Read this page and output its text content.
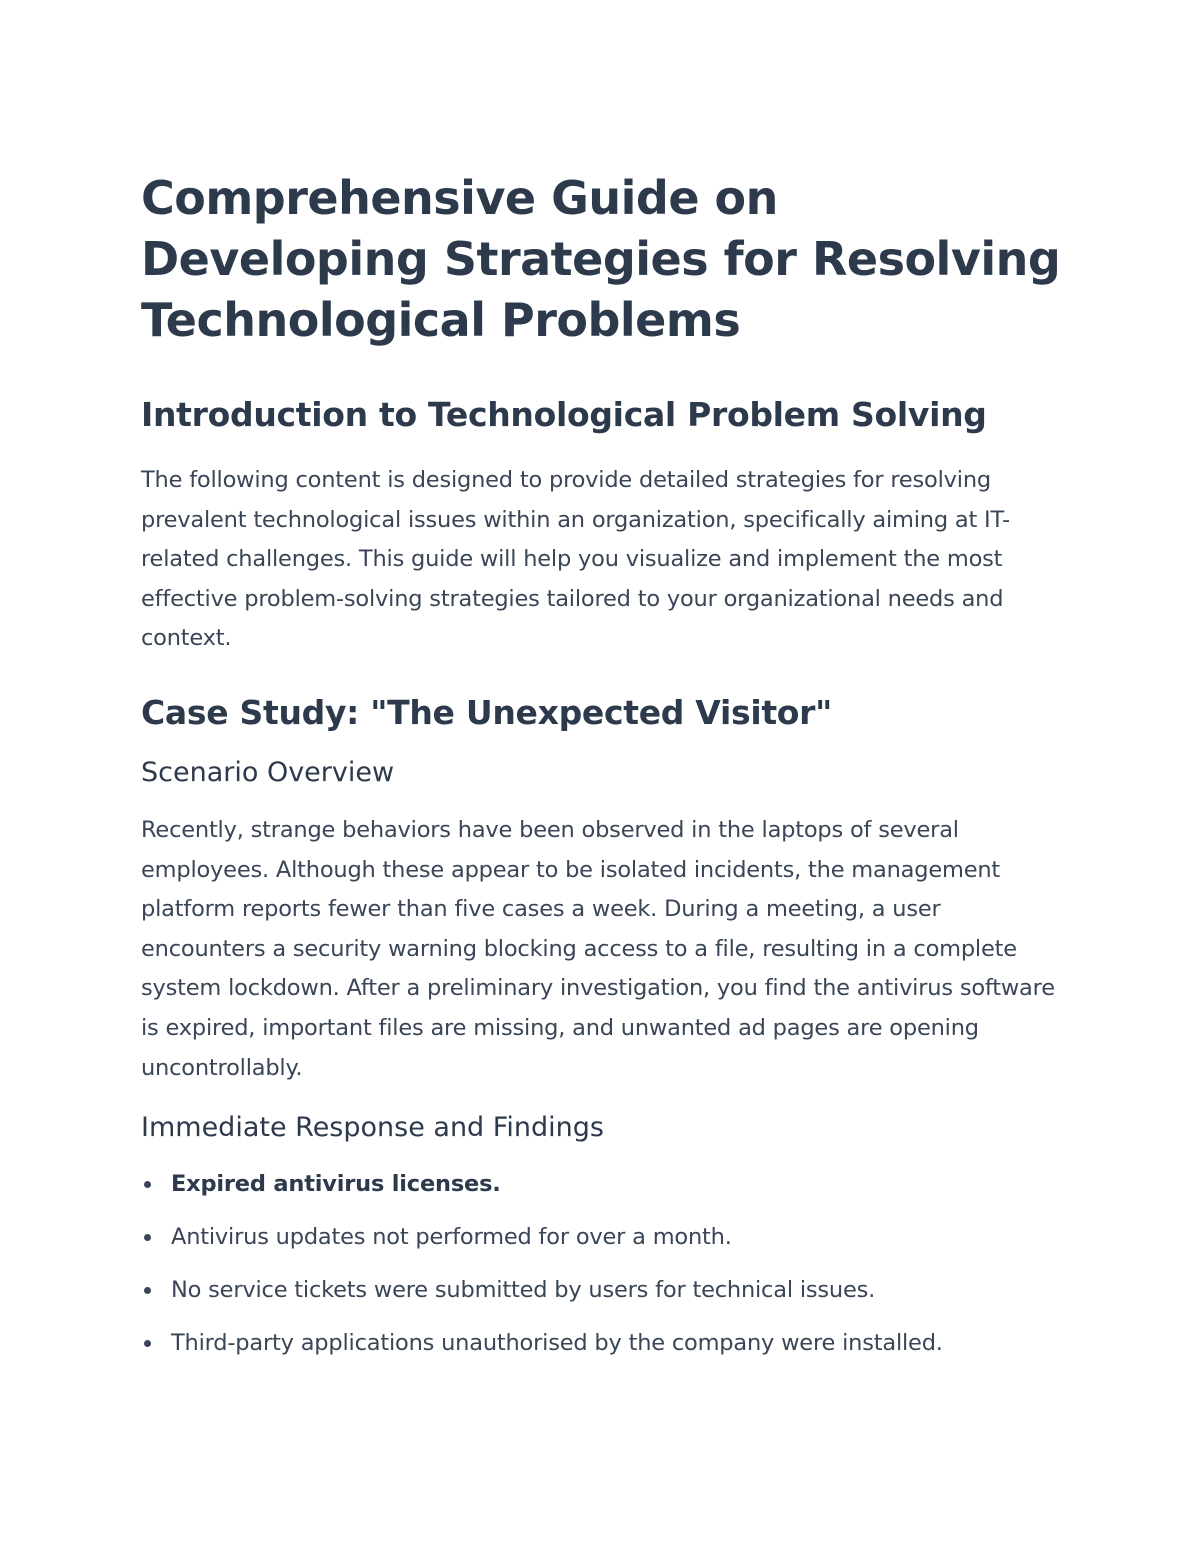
Comprehensive Guide on Developing Strategies for Resolving Technological Problems
Introduction to Technological Problem Solving

The following content is designed to provide detailed strategies for resolving prevalent technological issues within an organization, specifically aiming at IT-related challenges. This guide will help you visualize and implement the most effective problem-solving strategies tailored to your organizational needs and context.

Case Study: "The Unexpected Visitor"
Scenario Overview

Recently, strange behaviors have been observed in the laptops of several employees. Although these appear to be isolated incidents, the management platform reports fewer than five cases a week. During a meeting, a user encounters a security warning blocking access to a file, resulting in a complete system lockdown. After a preliminary investigation, you find the antivirus software is expired, important files are missing, and unwanted ad pages are opening uncontrollably.

Immediate Response and Findings
Expired antivirus licenses.
Antivirus updates not performed for over a month.
No service tickets were submitted by users for technical issues.
Third-party applications unauthorised by the company were installed.
